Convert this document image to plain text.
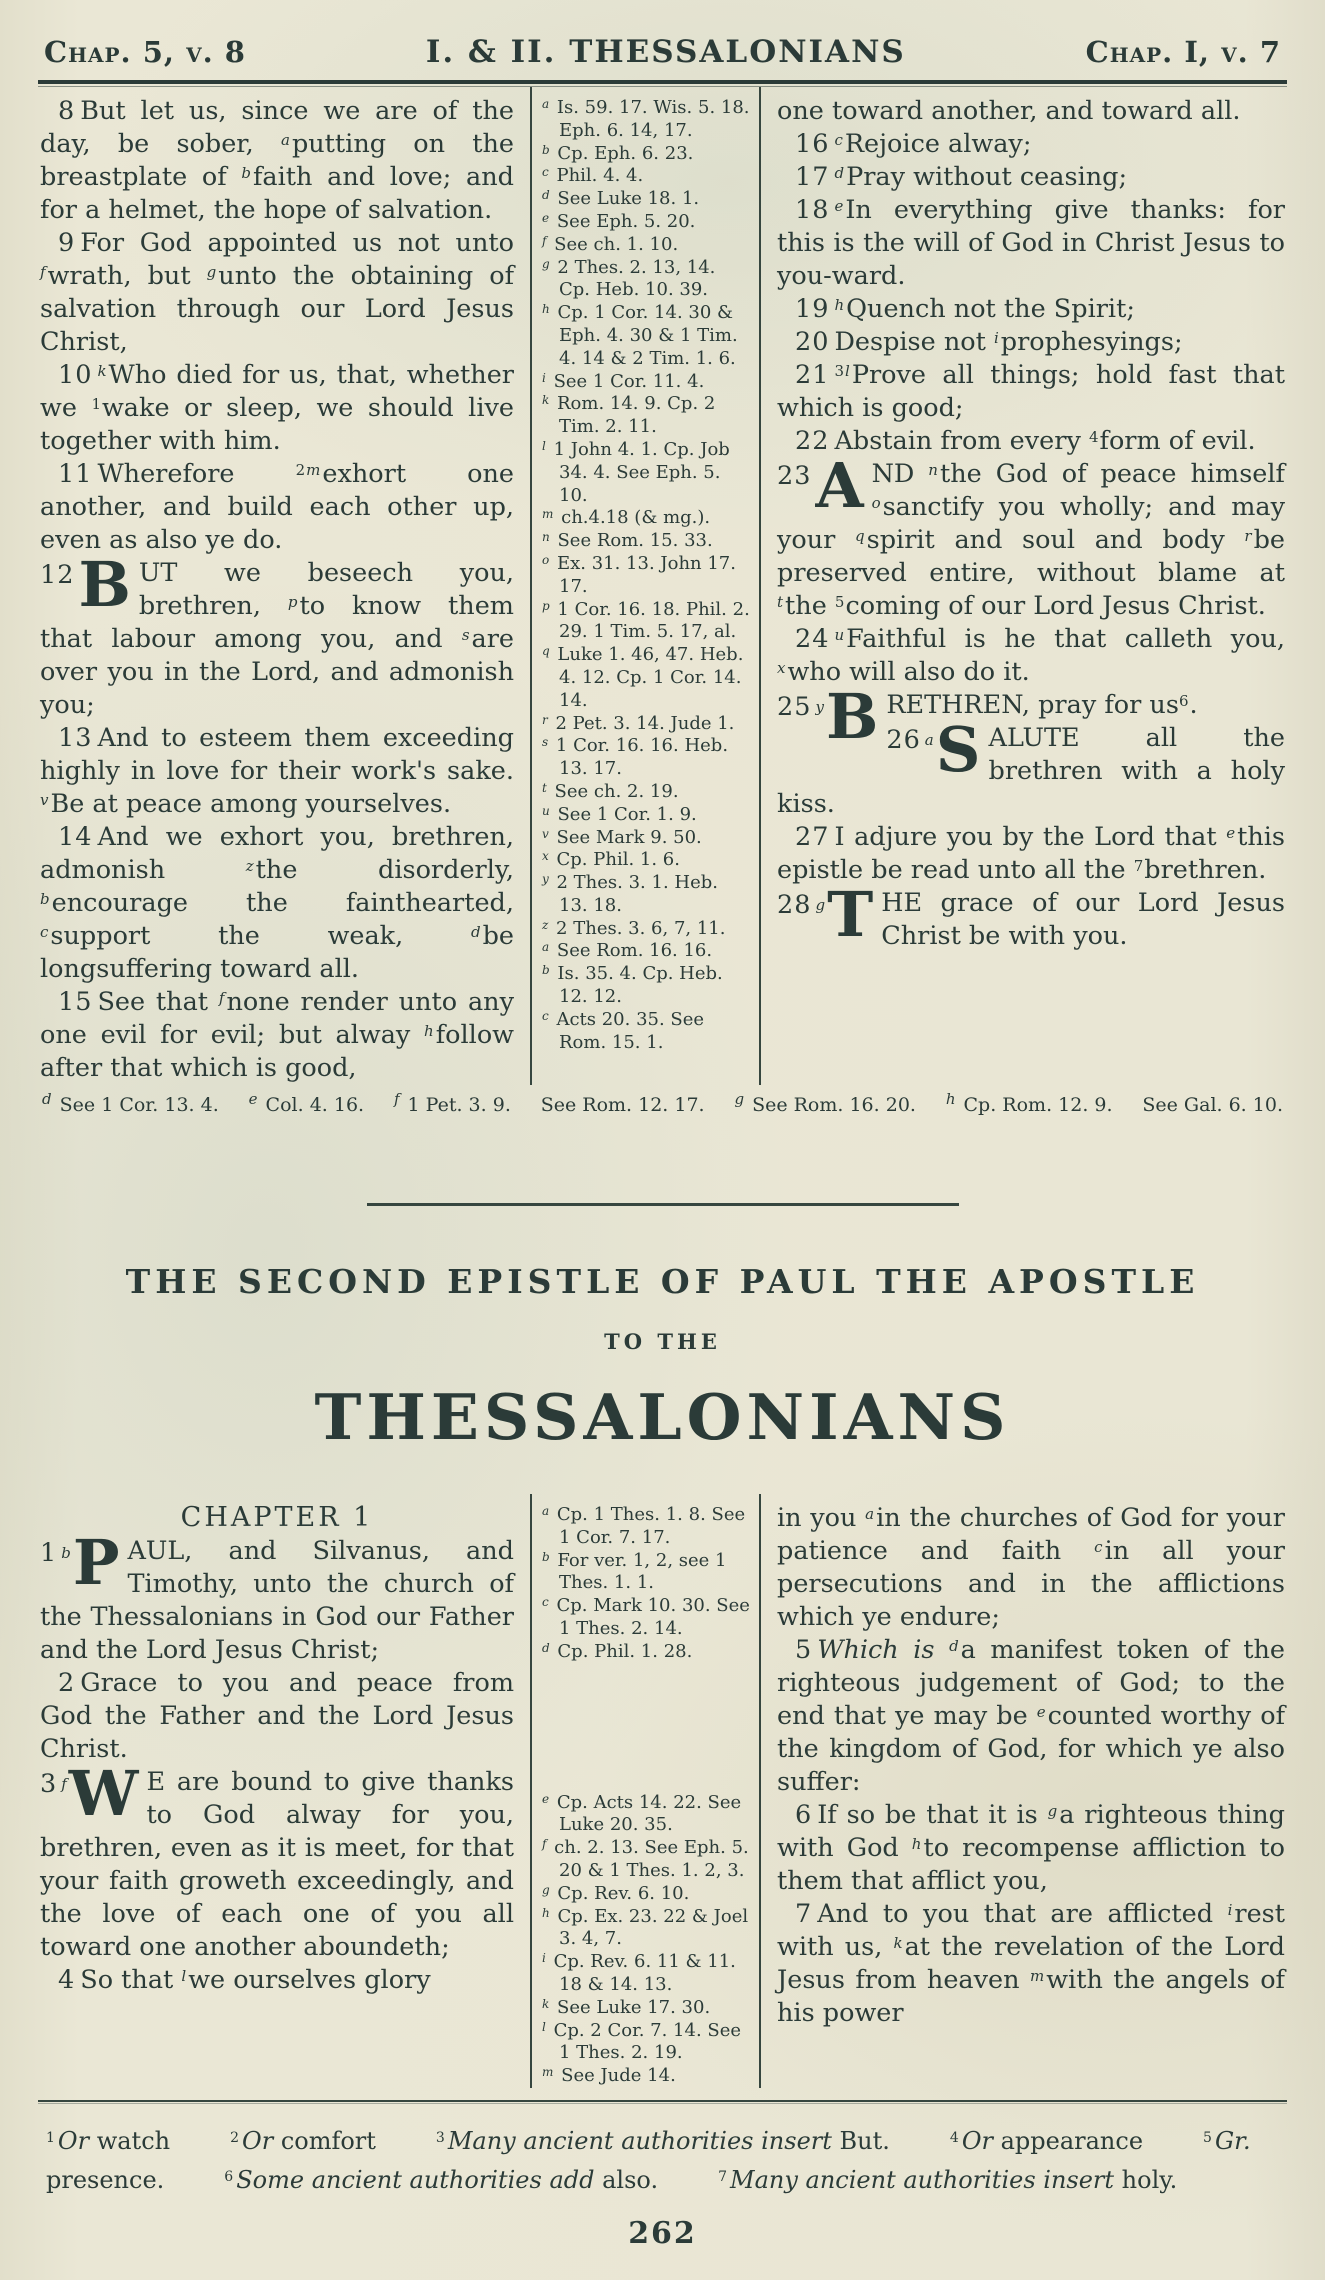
Chap. 5, v. 8	I. & II. THESSALONIANS	Chap. I, v. 7

8 But let us, since we are of the day, be sober, $^a$putting on the breastplate of $^b$faith and love; and for a helmet, the hope of salvation.

9 For God appointed us not unto $^f$wrath, but $^g$unto the obtaining of salvation through our Lord Jesus Christ,

10 $^k$Who died for us, that, whether we $^1$wake or sleep, we should live together with him.

11 Wherefore $^{2m}$exhort one another, and build each other up, even as also ye do.

12 B UT we beseech you, brethren, $^p$to know them that labour among you, and $^s$are over you in the Lord, and admonish you;

13 And to esteem them exceeding highly in love for their work's sake. $^v$Be at peace among yourselves.

14 And we exhort you, brethren, admonish $^z$the disorderly, $^b$encourage the fainthearted, $^c$support the weak, $^d$be longsuffering toward all.

15 See that $^f$none render unto any one evil for evil; but alway $^h$follow after that which is good,

$^a$ Is. 59. 17. Wis. 5. 18. Eph. 6. 14, 17.

$^b$ Cp. Eph. 6. 23.

$^c$ Phil. 4. 4.

$^d$ See Luke 18. 1.

$^e$ See Eph. 5. 20.

$^f$ See ch. 1. 10.

$^g$ 2 Thes. 2. 13, 14. Cp. Heb. 10. 39.

$^h$ Cp. 1 Cor. 14. 30 & Eph. 4. 30 & 1 Tim. 4. 14 & 2 Tim. 1. 6.

$^i$ See 1 Cor. 11. 4.

$^k$ Rom. 14. 9. Cp. 2 Tim. 2. 11.

$^l$ 1 John 4. 1. Cp. Job 34. 4. See Eph. 5. 10.

$^m$ ch.4.18 (& mg.).

$^n$ See Rom. 15. 33.

$^o$ Ex. 31. 13. John 17. 17.

$^p$ 1 Cor. 16. 18. Phil. 2. 29. 1 Tim. 5. 17, al.

$^q$ Luke 1. 46, 47. Heb. 4. 12. Cp. 1 Cor. 14. 14.

$^r$ 2 Pet. 3. 14. Jude 1.

$^s$ 1 Cor. 16. 16. Heb. 13. 17.

$^t$ See ch. 2. 19.

$^u$ See 1 Cor. 1. 9.

$^v$ See Mark 9. 50.

$^x$ Cp. Phil. 1. 6.

$^y$ 2 Thes. 3. 1. Heb. 13. 18.

$^z$ 2 Thes. 3. 6, 7, 11.

$^a$ See Rom. 16. 16.

$^b$ Is. 35. 4. Cp. Heb. 12. 12.

$^c$ Acts 20. 35. See Rom. 15. 1.

one toward another, and toward all.

16 $^c$Rejoice alway;

17 $^d$Pray without ceasing;

18 $^e$In everything give thanks: for this is the will of God in Christ Jesus to you-ward.

19 $^h$Quench not the Spirit;

20 Despise not $^i$prophesyings;

21 $^{3l}$Prove all things; hold fast that which is good;

22 Abstain from every $^4$form of evil.

23 A ND $^n$the God of peace himself $^o$sanctify you wholly; and may your $^q$spirit and soul and body $^r$be preserved entire, without blame at $^t$the $^5$coming of our Lord Jesus Christ.

24 $^u$Faithful is he that calleth you, $^x$who will also do it.

25 y B RETHREN, pray for $us^6$.

26 a S ALUTE all the brethren with a holy kiss.

27 I adjure you by the Lord that $^e$this epistle be read unto all the $^7$brethren.

28 g T HE grace of our Lord Jesus Christ be with you.

$^d$ See 1 Cor. 13. 4. $^e$ Col. 4. 16. $^f$ 1 Pet. 3. 9. See Rom. 12. 17. $^g$ See Rom. 16. 20. $^h$ Cp. Rom. 12. 9. See Gal. 6. 10.
THE SECOND EPISTLE OF PAUL THE APOSTLE
TO THE
THESSALONIANS

CHAPTER 1

1 b P AUL, and Silvanus, and Timothy, unto the church of the Thessalonians in God our Father and the Lord Jesus Christ;

2 Grace to you and peace from God the Father and the Lord Jesus Christ.

3 f W E are bound to give thanks to God alway for you, brethren, even as it is meet, for that your faith groweth exceedingly, and the love of each one of you all toward one another aboundeth;

4 So that $^l$we ourselves glory

$^a$ Cp. 1 Thes. 1. 8. See 1 Cor. 7. 17.

$^b$ For ver. 1, 2, see 1 Thes. 1. 1.

$^c$ Cp. Mark 10. 30. See 1 Thes. 2. 14.

$^d$ Cp. Phil. 1. 28.

$^e$ Cp. Acts 14. 22. See Luke 20. 35.

$^f$ ch. 2. 13. See Eph. 5. 20 & 1 Thes. 1. 2, 3.

$^g$ Cp. Rev. 6. 10.

$^h$ Cp. Ex. 23. 22 & Joel 3. 4, 7.

$^i$ Cp. Rev. 6. 11 & 11. 18 & 14. 13.

$^k$ See Luke 17. 30.

$^l$ Cp. 2 Cor. 7. 14. See 1 Thes. 2. 19.

$^m$ See Jude 14.

in you $^a$in the churches of God for your patience and faith $^c$in all your persecutions and in the afflictions which ye endure;

5 Which is $^d$a manifest token of the righteous judgement of God; to the end that ye may be $^e$counted worthy of the kingdom of God, for which ye also suffer:

6 If so be that it is $^g$a righteous thing with God $^h$to recompense affliction to them that afflict you,

7 And to you that are afflicted $^i$rest with us, $^k$at the revelation of the Lord Jesus from heaven $^m$with the angels of his power

$^1$ Or watch	$^2$ Or comfort	$^3$ Many ancient authorities insert But.	$^4$ Or appearance	$^5$ Gr. presence.	$^6$ Some ancient authorities add also.	$^7$ Many ancient authorities insert holy.
262
